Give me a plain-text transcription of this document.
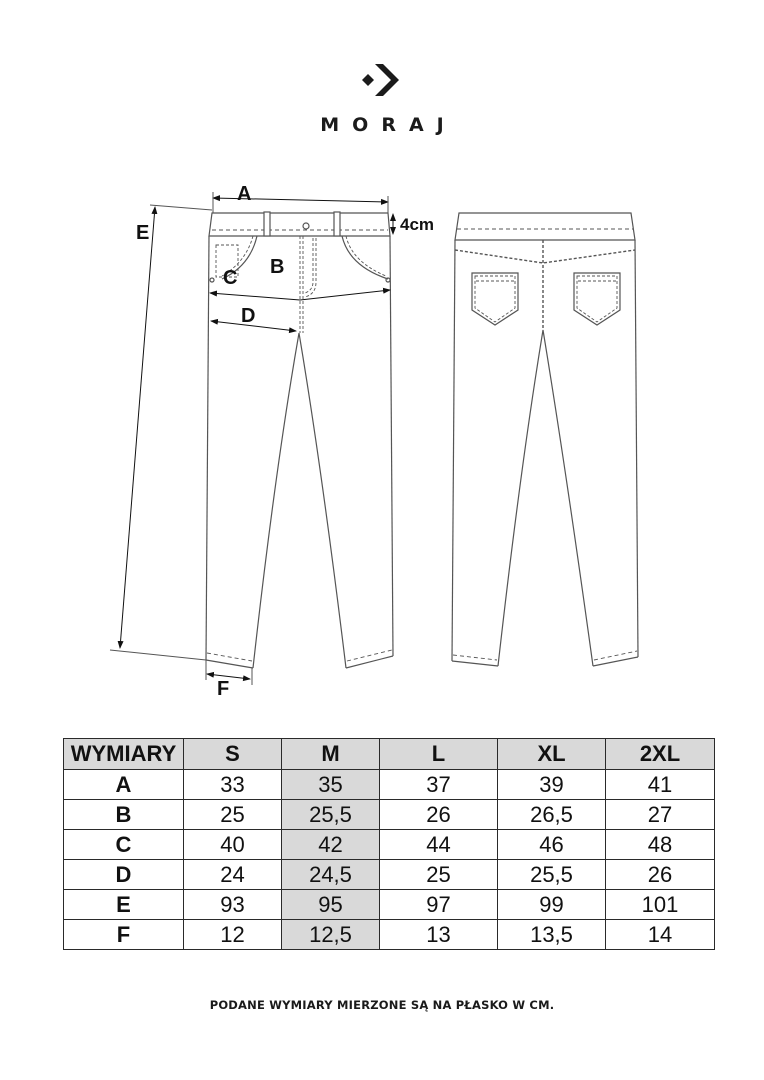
MORAJ
A
4cm
E
B
C
D
F
WYMIARY	S	M	L	XL	2XL
A	33	35	37	39	41
B	25	25,5	26	26,5	27
C	40	42	44	46	48
D	24	24,5	25	25,5	26
E	93	95	97	99	101
F	12	12,5	13	13,5	14
PODANE WYMIARY MIERZONE SĄ NA PŁASKO W CM.
